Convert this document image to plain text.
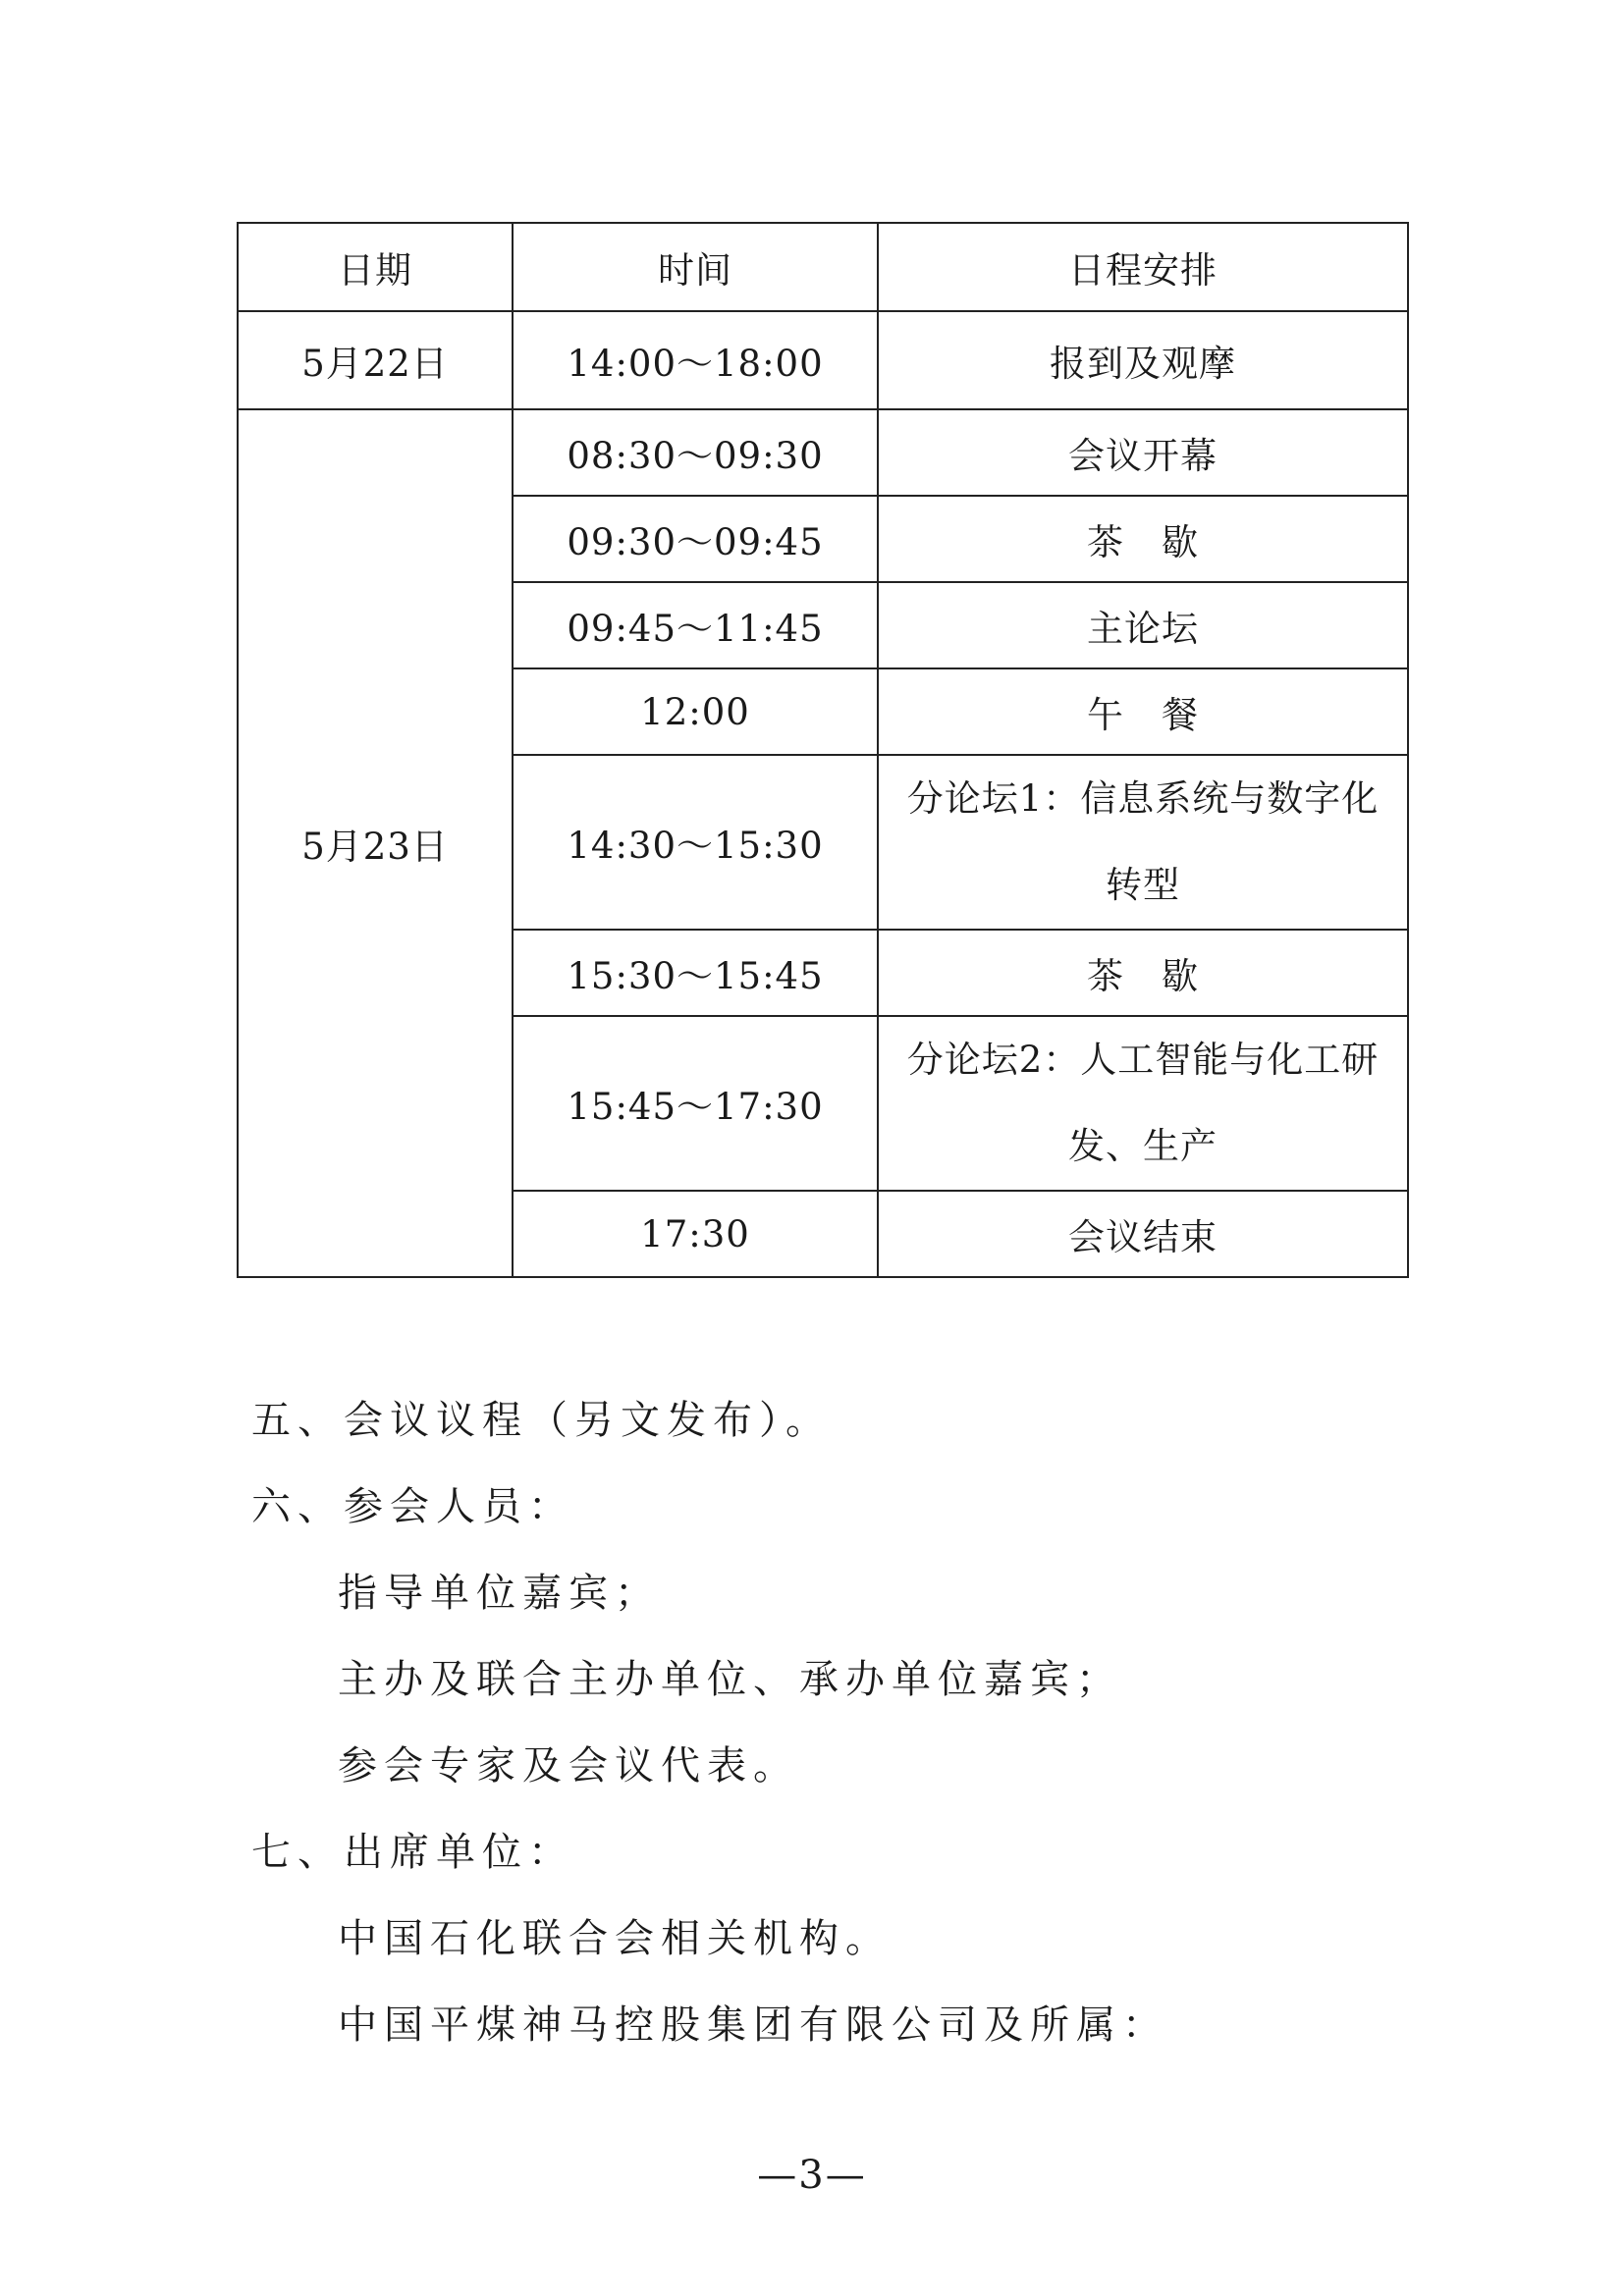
日期	时间	日程安排
5月22日	14:00～18:00	报到及观摩
5月23日	08:30～09:30	会议开幕
	09:30～09:45	茶　歇
	09:45～11:45	主论坛
	12:00	午　餐
	14:30～15:30	分论坛1：信息系统与数字化转型
	15:30～15:45	茶　歇
	15:45～17:30	分论坛2：人工智能与化工研发、生产
	17:30	会议结束
五、会议议程（另文发布）。
六、参会人员：
指导单位嘉宾；
主办及联合主办单位、承办单位嘉宾；
参会专家及会议代表。
七、出席单位：
中国石化联合会相关机构。
中国平煤神马控股集团有限公司及所属：
—3—
